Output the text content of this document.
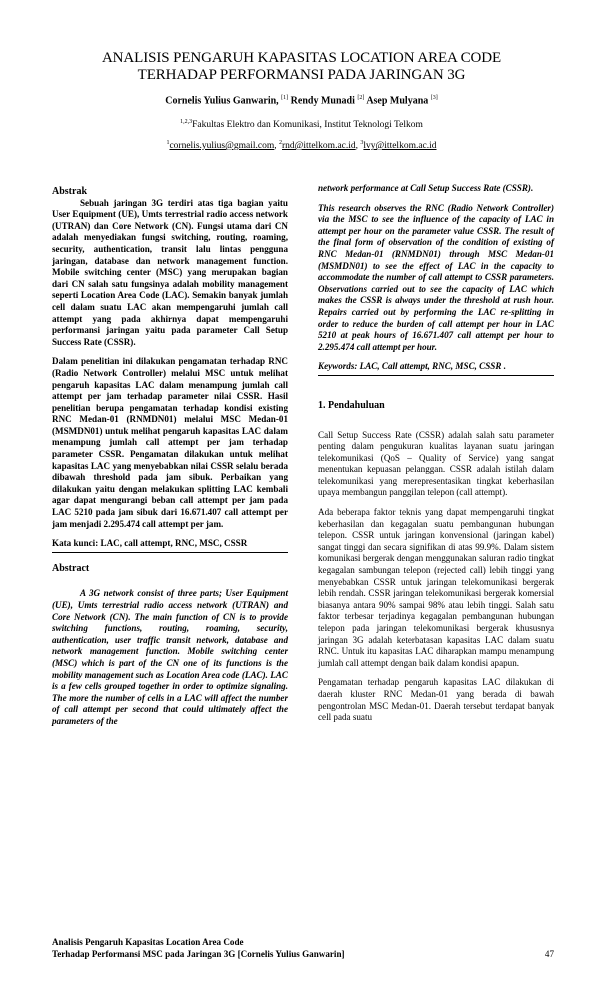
ANALISIS PENGARUH KAPASITAS LOCATION AREA CODE
TERHADAP PERFORMANSI PADA JARINGAN 3G
Cornelis Yulius Ganwarin, [1] Rendy Munadi [2] Asep Mulyana [3]
$^{1,2,3}$Fakultas Elektro dan Komunikasi, Institut Teknologi Telkom
$^1$cornelis.yulius@gmail.com, $^2$rnd@ittelkom.ac.id, $^3$lvy@ittelkom.ac.id
Abstrak

Sebuah jaringan 3G terdiri atas tiga bagian yaitu User Equipment (UE), Umts terrestrial radio access network (UTRAN) dan Core Network (CN). Fungsi utama dari CN adalah menyediakan fungsi switching, routing, roaming, security, authentication, transit lalu lintas pengguna jaringan, database dan network management function. Mobile switching center (MSC) yang merupakan bagian dari CN salah satu fungsinya adalah mobility management seperti Location Area Code (LAC). Semakin banyak jumlah cell dalam suatu LAC akan mempengaruhi jumlah call attempt yang pada akhirnya dapat mempengaruhi performansi jaringan yaitu pada parameter Call Setup Success Rate (CSSR).

Dalam penelitian ini dilakukan pengamatan terhadap RNC (Radio Network Controller) melalui MSC untuk melihat pengaruh kapasitas LAC dalam menampung jumlah call attempt per jam terhadap parameter nilai CSSR. Hasil penelitian berupa pengamatan terhadap kondisi existing RNC Medan-01 (RNMDN01) melalui MSC Medan-01 (MSMDN01) untuk melihat pengaruh kapasitas LAC dalam menampung jumlah call attempt per jam terhadap parameter CSSR. Pengamatan dilakukan untuk melihat kapasitas LAC yang menyebabkan nilai CSSR selalu berada dibawah threshold pada jam sibuk. Perbaikan yang dilakukan yaitu dengan melakukan splitting LAC kembali agar dapat mengurangi beban call attempt per jam pada LAC 5210 pada jam sibuk dari 16.671.407 call attempt per jam menjadi 2.295.474 call attempt per jam.

Kata kunci: LAC, call attempt, RNC, MSC, CSSR

Abstract

A 3G network consist of three parts; User Equipment (UE), Umts terrestrial radio access network (UTRAN) and Core Network (CN). The main function of CN is to provide switching functions, routing, roaming, security, authentication, user traffic transit network, database and network management function. Mobile switching center (MSC) which is part of the CN one of its functions is the mobility management such as Location Area code (LAC). LAC is a few cells grouped together in order to optimize signaling. The more the number of cells in a LAC will affect the number of call attempt per second that could ultimately affect the parameters of the

network performance at Call Setup Success Rate (CSSR).

This research observes the RNC (Radio Network Controller) via the MSC to see the influence of the capacity of LAC in attempt per hour on the parameter value CSSR. The result of the final form of observation of the condition of existing of RNC Medan-01 (RNMDN01) through MSC Medan-01 (MSMDN01) to see the effect of LAC in the capacity to accommodate the number of call attempt to CSSR parameters. Observations carried out to see the capacity of LAC which makes the CSSR is always under the threshold at rush hour. Repairs carried out by performing the LAC re-splitting in order to reduce the burden of call attempt per hour in LAC 5210 at peak hours of 16.671.407 call attempt per hour to 2.295.474 call attempt per hour.

Keywords: LAC, Call attempt, RNC, MSC, CSSR .

1. Pendahuluan

Call Setup Success Rate (CSSR) adalah salah satu parameter penting dalam pengukuran kualitas layanan suatu jaringan telekomunikasi (QoS – Quality of Service) yang sangat menentukan kepuasan pelanggan. CSSR adalah istilah dalam telekomunikasi yang merepresentasikan tingkat keberhasilan upaya membangun panggilan telepon (call attempt).

Ada beberapa faktor teknis yang dapat mempengaruhi tingkat keberhasilan dan kegagalan suatu pembangunan hubungan telepon. CSSR untuk jaringan konvensional (jaringan kabel) sangat tinggi dan secara signifikan di atas 99.9%. Dalam sistem komunikasi bergerak dengan menggunakan saluran radio tingkat kegagalan sambungan telepon (rejected call) lebih tinggi yang menyebabkan CSSR untuk jaringan telekomunikasi bergerak lebih rendah. CSSR jaringan telekomunikasi bergerak komersial biasanya antara 90% sampai 98% atau lebih tinggi. Salah satu faktor terbesar terjadinya kegagalan pembangunan hubungan telepon pada jaringan telekomunikasi bergerak khususnya jaringan 3G adalah keterbatasan kapasitas LAC dalam suatu RNC. Untuk itu kapasitas LAC diharapkan mampu menampung jumlah call attempt dengan baik dalam kondisi apapun.

Pengamatan terhadap pengaruh kapasitas LAC dilakukan di daerah kluster RNC Medan-01 yang berada di bawah pengontrolan MSC Medan-01. Daerah tersebut terdapat banyak cell pada suatu

Analisis Pengaruh Kapasitas Location Area Code
Terhadap Performansi MSC pada Jaringan 3G [Cornelis Yulius Ganwarin]	47
